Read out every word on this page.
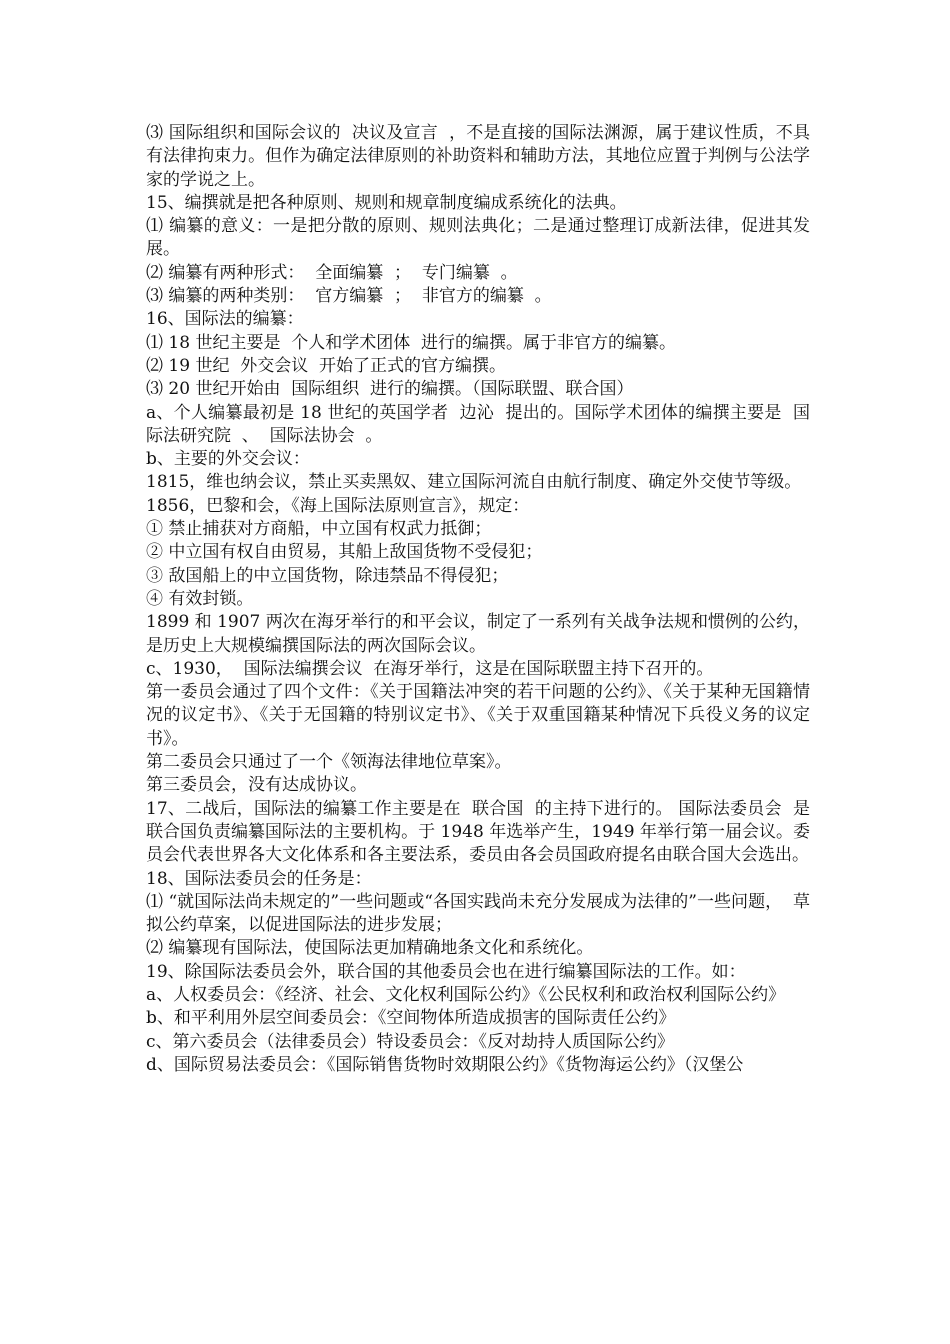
⑶ 国际组织和国际会议的  决议及宣言  ，不是直接的国际法渊源，属于建议性质，不具有法律拘束力。但作为确定法律原则的补助资料和辅助方法，其地位应置于判例与公法学家的学说之上。

15、编撰就是把各种原则、规则和规章制度编成系统化的法典。

⑴ 编纂的意义：一是把分散的原则、规则法典化；二是通过整理订成新法律，促进其发展。

⑵ 编纂有两种形式：  全面编纂  ；  专门编纂  。

⑶ 编纂的两种类别：  官方编纂  ；  非官方的编纂  。

16、国际法的编纂：

⑴ 18 世纪主要是  个人和学术团体  进行的编撰。属于非官方的编纂。

⑵ 19 世纪  外交会议  开始了正式的官方编撰。

⑶ 20 世纪开始由  国际组织  进行的编撰。（国际联盟、联合国）

a、个人编纂最初是 18 世纪的英国学者  边沁  提出的。国际学术团体的编撰主要是  国际法研究院  、  国际法协会  。

b、主要的外交会议：

1815，维也纳会议，禁止买卖黑奴、建立国际河流自由航行制度、确定外交使节等级。

1856，巴黎和会，《海上国际法原则宣言》，规定：

① 禁止捕获对方商船，中立国有权武力抵御；

② 中立国有权自由贸易，其船上敌国货物不受侵犯；

③ 敌国船上的中立国货物，除违禁品不得侵犯；

④ 有效封锁。

1899 和 1907 两次在海牙举行的和平会议，制定了一系列有关战争法规和惯例的公约，是历史上大规模编撰国际法的两次国际会议。

c、1930，  国际法编撰会议  在海牙举行，这是在国际联盟主持下召开的。

第一委员会通过了四个文件：《关于国籍法冲突的若干问题的公约》、《关于某种无国籍情况的议定书》、《关于无国籍的特别议定书》、《关于双重国籍某种情况下兵役义务的议定书》。

第二委员会只通过了一个《领海法律地位草案》。

第三委员会，没有达成协议。

17、二战后，国际法的编纂工作主要是在  联合国  的主持下进行的。 国际法委员会  是联合国负责编纂国际法的主要机构。于 1948 年选举产生，1949 年举行第一届会议。委员会代表世界各大文化体系和各主要法系，委员由各会员国政府提名由联合国大会选出。

18、国际法委员会的任务是：

⑴ “就国际法尚未规定的”一些问题或“各国实践尚未充分发展成为法律的”一些问题，  草拟公约草案，以促进国际法的进步发展；

⑵ 编纂现有国际法，使国际法更加精确地条文化和系统化。

19、除国际法委员会外，联合国的其他委员会也在进行编纂国际法的工作。如：

a、人权委员会：《经济、社会、文化权利国际公约》《公民权利和政治权利国际公约》

b、和平利用外层空间委员会：《空间物体所造成损害的国际责任公约》

c、第六委员会（法律委员会）特设委员会：《反对劫持人质国际公约》

d、国际贸易法委员会：《国际销售货物时效期限公约》《货物海运公约》（汉堡公
